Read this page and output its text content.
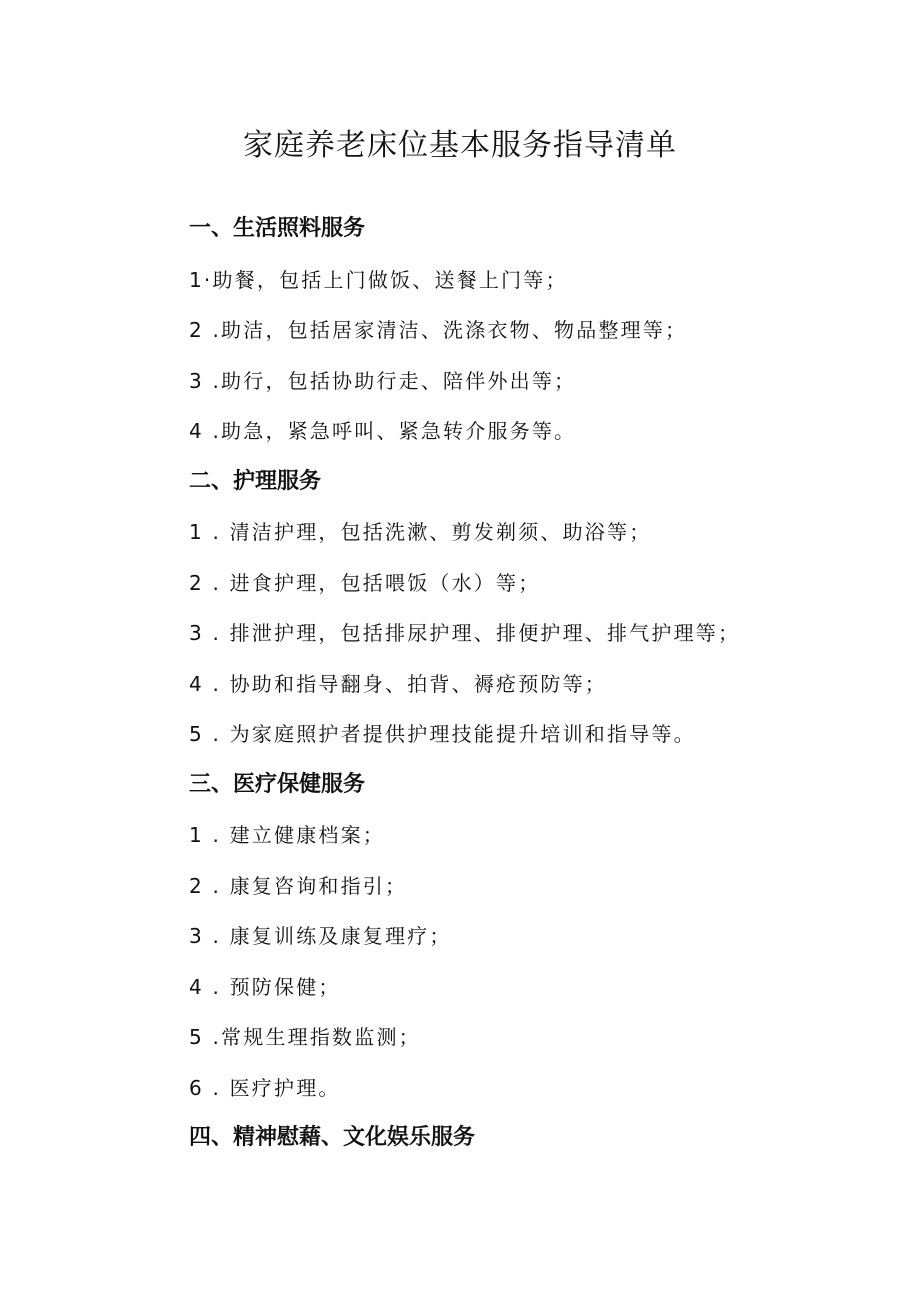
家庭养老床位基本服务指导清单
一、生活照料服务
1·助餐，包括上门做饭、送餐上门等；
2 .助洁，包括居家清洁、洗涤衣物、物品整理等；
3 .助行，包括协助行走、陪伴外出等；
4 .助急，紧急呼叫、紧急转介服务等。
二、护理服务
1 . 清洁护理，包括洗漱、剪发剃须、助浴等；
2 . 进食护理，包括喂饭（水）等；
3 . 排泄护理，包括排尿护理、排便护理、排气护理等；
4 . 协助和指导翻身、拍背、褥疮预防等；
5 . 为家庭照护者提供护理技能提升培训和指导等。
三、医疗保健服务
1 . 建立健康档案；
2 . 康复咨询和指引；
3 . 康复训练及康复理疗；
4 . 预防保健；
5 .常规生理指数监测；
6 . 医疗护理。
四、精神慰藉、文化娱乐服务
